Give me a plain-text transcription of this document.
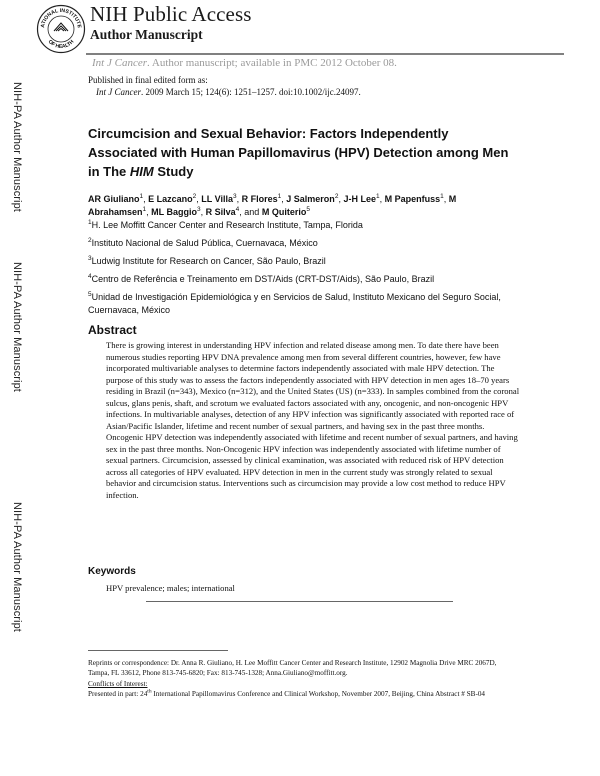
ATIONAL INSTITUTE
OF HEALTH
NIH Public Access
Author Manuscript
Int J Cancer. Author manuscript; available in PMC 2012 October 08.
Published in final edited form as:
Int J Cancer. 2009 March 15; 124(6): 1251–1257. doi:10.1002/ijc.24097.
NIH-PA Author Manuscript
NIH-PA Author Manuscript
NIH-PA Author Manuscript
Circumcision and Sexual Behavior: Factors Independently Associated with Human Papillomavirus (HPV) Detection among Men in The HIM Study
AR Giuliano$^1$, E Lazcano$^2$, LL Villa$^3$, R Flores$^1$, J Salmeron$^2$, J-H Lee$^1$, M Papenfuss$^1$, M Abrahamsen$^1$, ML Baggio$^3$, R Silva$^4$, and M Quiterio$^5$
$^1$H. Lee Moffitt Cancer Center and Research Institute, Tampa, Florida
$^2$Instituto Nacional de Salud Pública, Cuernavaca, México
$^3$Ludwig Institute for Research on Cancer, São Paulo, Brazil
$^4$Centro de Referência e Treinamento em DST/Aids (CRT-DST/Aids), São Paulo, Brazil
$^5$Unidad de Investigación Epidemiológica y en Servicios de Salud, Instituto Mexicano del Seguro Social, Cuernavaca, México
Abstract
There is growing interest in understanding HPV infection and related disease among men. To date there have been numerous studies reporting HPV DNA prevalence among men from several different countries, however, few have incorporated multivariable analyses to determine factors independently associated with male HPV detection. The purpose of this study was to assess the factors independently associated with HPV detection in men ages 18–70 years residing in Brazil (n=343), Mexico (n=312), and the United States (US) (n=333). In samples combined from the coronal sulcus, glans penis, shaft, and scrotum we evaluated factors associated with any, oncogenic, and non-oncogenic HPV infections. In multivariable analyses, detection of any HPV infection was significantly associated with reported race of Asian/Pacific Islander, lifetime and recent number of sexual partners, and having sex in the past three months. Oncogenic HPV detection was independently associated with lifetime and recent number of sexual partners, and having sex in the past three months. Non-Oncogenic HPV infection was independently associated with lifetime number of sexual partners. Circumcision, assessed by clinical examination, was associated with reduced risk of HPV detection across all categories of HPV evaluated. HPV detection in men in the current study was strongly related to sexual behavior and circumcision status. Interventions such as circumcision may provide a low cost method to reduce HPV infection.
Keywords
HPV prevalence; males; international
Reprints or correspondence: Dr. Anna R. Giuliano, H. Lee Moffitt Cancer Center and Research Institute, 12902 Magnolia Drive MRC 2067D, Tampa, FL 33612, Phone 813-745-6820; Fax: 813-745-1328; Anna.Giuliano@moffitt.org.
Conflicts of Interest:
Presented in part: 24th International Papillomavirus Conference and Clinical Workshop, November 2007, Beijing, China Abstract # SB-04
